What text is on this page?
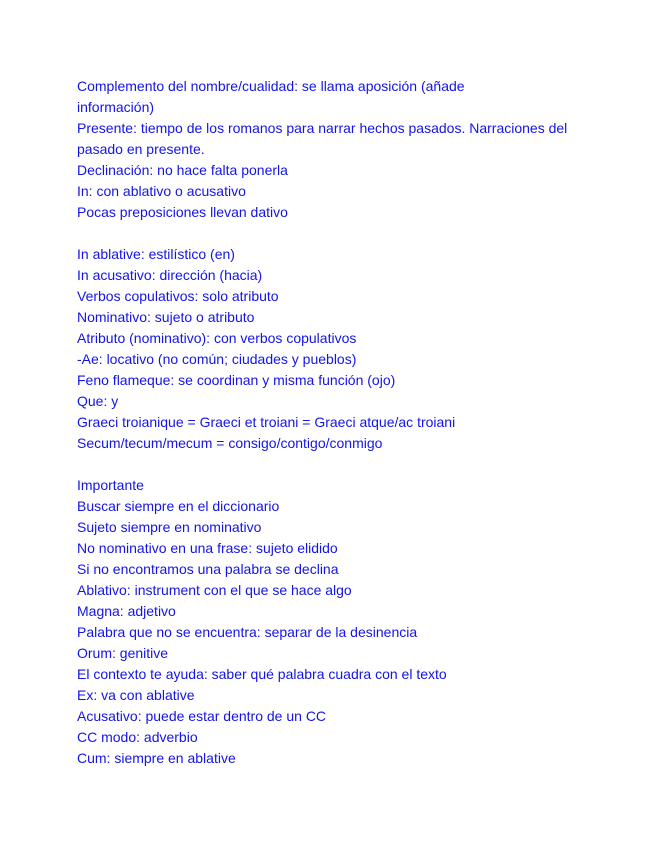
Complemento del nombre/cualidad: se llama aposición (añade información)
Presente: tiempo de los romanos para narrar hechos pasados. Narraciones del pasado en presente.
Declinación: no hace falta ponerla
In: con ablativo o acusativo
Pocas preposiciones llevan dativo
In ablative: estilístico (en)
In acusativo: dirección (hacia)
Verbos copulativos: solo atributo
Nominativo: sujeto o atributo
Atributo (nominativo): con verbos copulativos
-Ae: locativo (no común; ciudades y pueblos)
Feno flameque: se coordinan y misma función (ojo)
Que: y
Graeci troianique = Graeci et troiani = Graeci atque/ac troiani
Secum/tecum/mecum = consigo/contigo/conmigo
Importante
Buscar siempre en el diccionario
Sujeto siempre en nominativo
No nominativo en una frase: sujeto elidido
Si no encontramos una palabra se declina
Ablativo: instrument con el que se hace algo
Magna: adjetivo
Palabra que no se encuentra: separar de la desinencia
Orum: genitive
El contexto te ayuda: saber qué palabra cuadra con el texto
Ex: va con ablative
Acusativo: puede estar dentro de un CC
CC modo: adverbio
Cum: siempre en ablative
